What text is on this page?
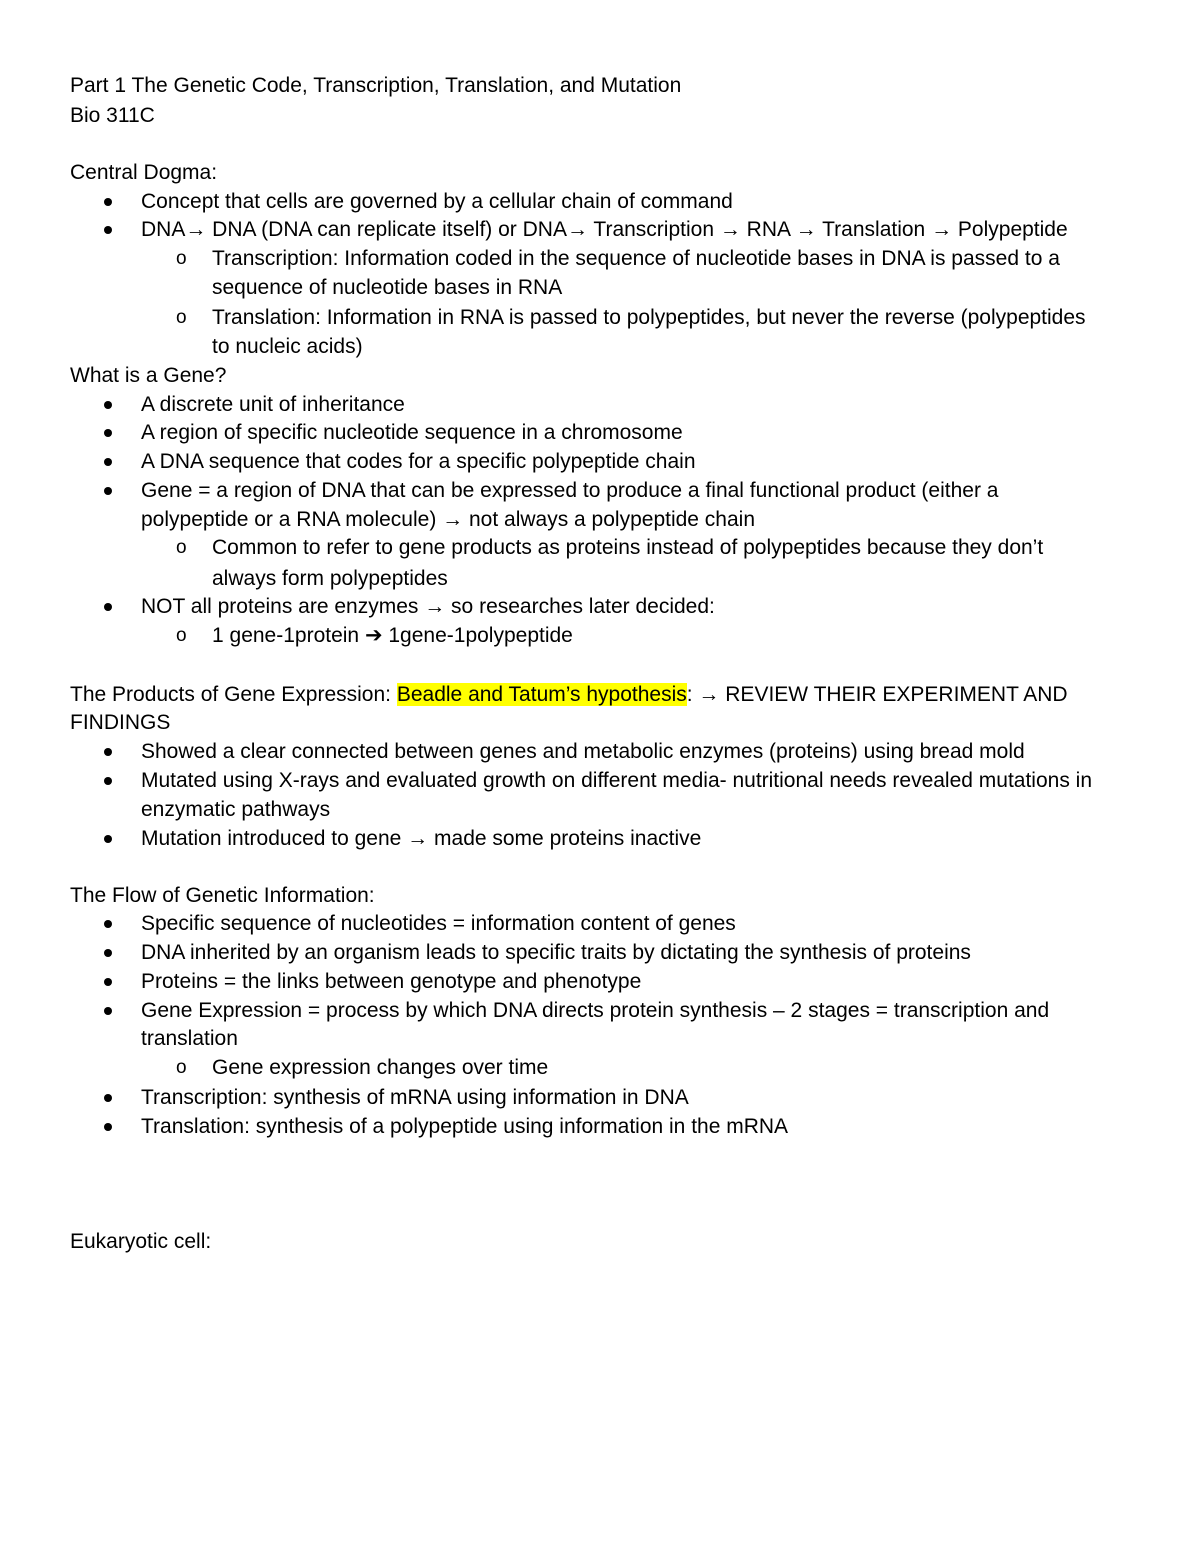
Part 1 The Genetic Code, Transcription, Translation, and Mutation
Bio 311C
Central Dogma:
Concept that cells are governed by a cellular chain of command
DNA→ DNA (DNA can replicate itself) or DNA→ Transcription → RNA → Translation → Polypeptide
o Transcription: Information coded in the sequence of nucleotide bases in DNA is passed to a
sequence of nucleotide bases in RNA
o Translation: Information in RNA is passed to polypeptides, but never the reverse (polypeptides
to nucleic acids)
What is a Gene?
A discrete unit of inheritance
A region of specific nucleotide sequence in a chromosome
A DNA sequence that codes for a specific polypeptide chain
Gene = a region of DNA that can be expressed to produce a final functional product (either a
polypeptide or a RNA molecule) → not always a polypeptide chain
o Common to refer to gene products as proteins instead of polypeptides because they don’t
always form polypeptides
NOT all proteins are enzymes → so researches later decided:
o 1 gene-1protein ➔ 1gene-1polypeptide
The Products of Gene Expression: Beadle and Tatum’s hypothesis: → REVIEW THEIR EXPERIMENT AND
FINDINGS
Showed a clear connected between genes and metabolic enzymes (proteins) using bread mold
Mutated using X-rays and evaluated growth on different media- nutritional needs revealed mutations in
enzymatic pathways
Mutation introduced to gene → made some proteins inactive
The Flow of Genetic Information:
Specific sequence of nucleotides = information content of genes
DNA inherited by an organism leads to specific traits by dictating the synthesis of proteins
Proteins = the links between genotype and phenotype
Gene Expression = process by which DNA directs protein synthesis – 2 stages = transcription and
translation
o Gene expression changes over time
Transcription: synthesis of mRNA using information in DNA
Translation: synthesis of a polypeptide using information in the mRNA
Eukaryotic cell:
